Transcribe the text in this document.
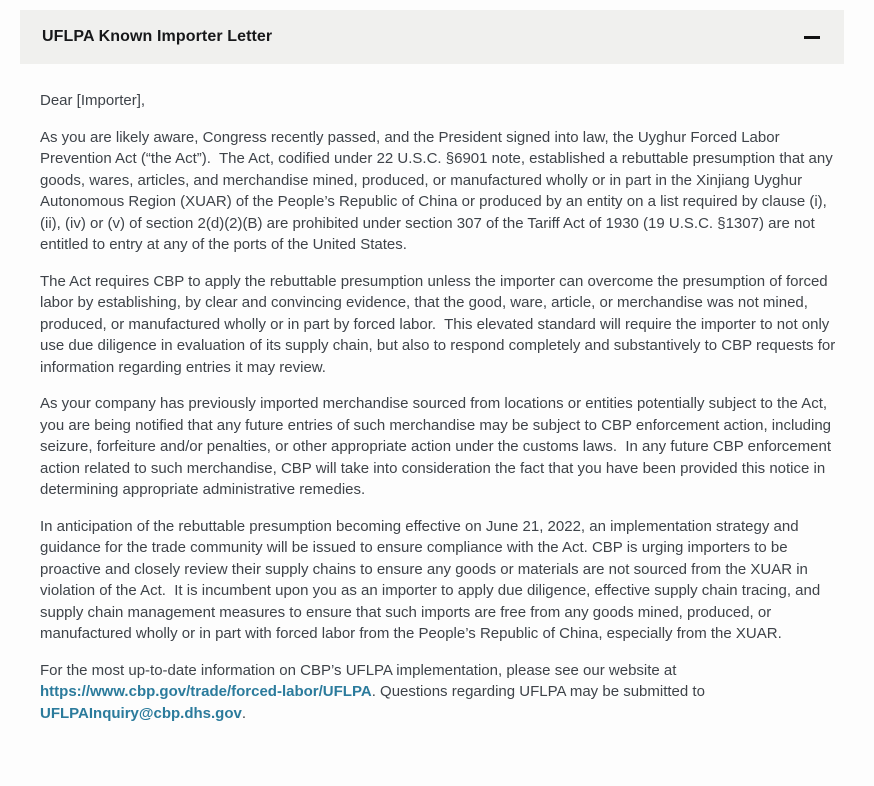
UFLPA Known Importer Letter

Dear [Importer],

As you are likely aware, Congress recently passed, and the President signed into law, the Uyghur Forced Labor Prevention Act (“the Act”).  The Act, codified under 22 U.S.C. §6901 note, established a rebuttable presumption that any goods, wares, articles, and merchandise mined, produced, or manufactured wholly or in part in the Xinjiang Uyghur Autonomous Region (XUAR) of the People’s Republic of China or produced by an entity on a list required by clause (i), (ii), (iv) or (v) of section 2(d)(2)(B) are prohibited under section 307 of the Tariff Act of 1930 (19 U.S.C. §1307) are not entitled to entry at any of the ports of the United States.

The Act requires CBP to apply the rebuttable presumption unless the importer can overcome the presumption of forced labor by establishing, by clear and convincing evidence, that the good, ware, article, or merchandise was not mined, produced, or manufactured wholly or in part by forced labor.  This elevated standard will require the importer to not only use due diligence in evaluation of its supply chain, but also to respond completely and substantively to CBP requests for information regarding entries it may review.

As your company has previously imported merchandise sourced from locations or entities potentially subject to the Act, you are being notified that any future entries of such merchandise may be subject to CBP enforcement action, including seizure, forfeiture and/or penalties, or other appropriate action under the customs laws.  In any future CBP enforcement action related to such merchandise, CBP will take into consideration the fact that you have been provided this notice in determining appropriate administrative remedies.

In anticipation of the rebuttable presumption becoming effective on June 21, 2022, an implementation strategy and guidance for the trade community will be issued to ensure compliance with the Act. CBP is urging importers to be proactive and closely review their supply chains to ensure any goods or materials are not sourced from the XUAR in violation of the Act.  It is incumbent upon you as an importer to apply due diligence, effective supply chain tracing, and supply chain management measures to ensure that such imports are free from any goods mined, produced, or manufactured wholly or in part with forced labor from the People’s Republic of China, especially from the XUAR.

For the most up-to-date information on CBP’s UFLPA implementation, please see our website at https://www.cbp.gov/trade/forced-labor/UFLPA. Questions regarding UFLPA may be submitted to UFLPAInquiry@cbp.dhs.gov.
